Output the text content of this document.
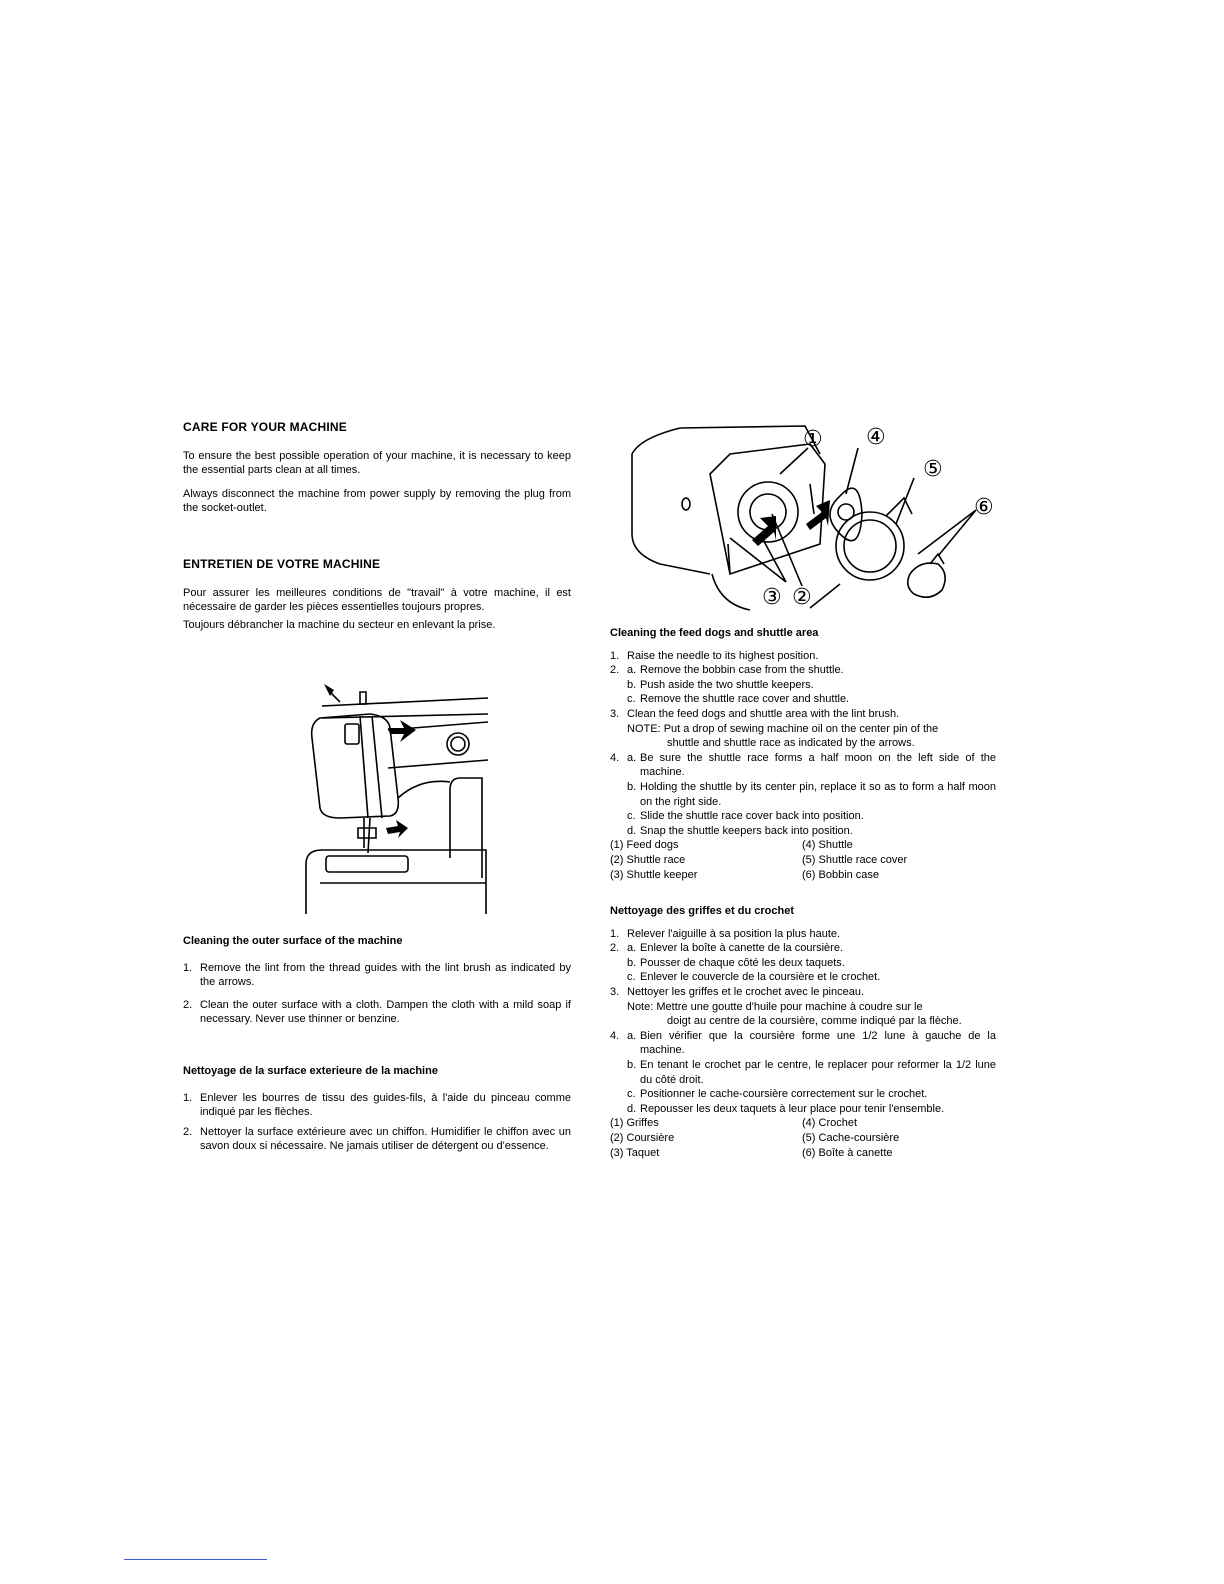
CARE FOR YOUR MACHINE

To ensure the best possible operation of your machine, it is necessary to keep the essential parts clean at all times.

Always disconnect the machine from power supply by removing the plug from the socket-outlet.

ENTRETIEN DE VOTRE MACHINE

Pour assurer les meilleures conditions de "travail" à votre machine, il est nécessaire de garder les pièces essentielles toujours propres.

Toujours débrancher la machine du secteur en enlevant la prise.

Cleaning the outer surface of the machine
1. Remove the lint from the thread guides with the lint brush as indicated by the arrows.
2. Clean the outer surface with a cloth. Dampen the cloth with a mild soap if necessary. Never use thinner or benzine.
Nettoyage de la surface exterieure de la machine
1. Enlever les bourres de tissu des guides-fils, à l'aide du pinceau comme indiqué par les flèches.
2. Nettoyer la surface extérieure avec un chiffon. Humidifier le chiffon avec un savon doux si nécessaire. Ne jamais utiliser de détergent ou d'essence.
① ④
⑤
⑥
③ ②
Cleaning the feed dogs and shuttle area
1. Raise the needle to its highest position.
2. a. Remove the bobbin case from the shuttle.
b. Push aside the two shuttle keepers.
c. Remove the shuttle race cover and shuttle.
3. Clean the feed dogs and shuttle area with the lint brush.
NOTE: Put a drop of sewing machine oil on the center pin of the
shuttle and shuttle race as indicated by the arrows.
4. a. Be sure the shuttle race forms a half moon on the left side of the machine.
b. Holding the shuttle by its center pin, replace it so as to form a half moon on the right side.
c. Slide the shuttle race cover back into position.
d. Snap the shuttle keepers back into position.
(1) Feed dogs	(4) Shuttle
(2) Shuttle race	(5) Shuttle race cover
(3) Shuttle keeper	(6) Bobbin case
Nettoyage des griffes et du crochet
1. Relever l'aiguille à sa position la plus haute.
2. a. Enlever la boîte à canette de la coursière.
b. Pousser de chaque côté les deux taquets.
c. Enlever le couvercle de la coursière et le crochet.
3. Nettoyer les griffes et le crochet avec le pinceau.
Note: Mettre une goutte d'huile pour machine à coudre sur le
doigt au centre de la coursière, comme indiqué par la flèche.
4. a. Bien vérifier que la coursière forme une 1/2 lune à gauche de la machine.
b. En tenant le crochet par le centre, le replacer pour reformer la 1/2 lune du côté droit.
c. Positionner le cache-coursière correctement sur le crochet.
d. Repousser les deux taquets à leur place pour tenir l'ensemble.
(1) Griffes	(4) Crochet
(2) Coursière	(5) Cache-coursière
(3) Taquet	(6) Boîte à canette
